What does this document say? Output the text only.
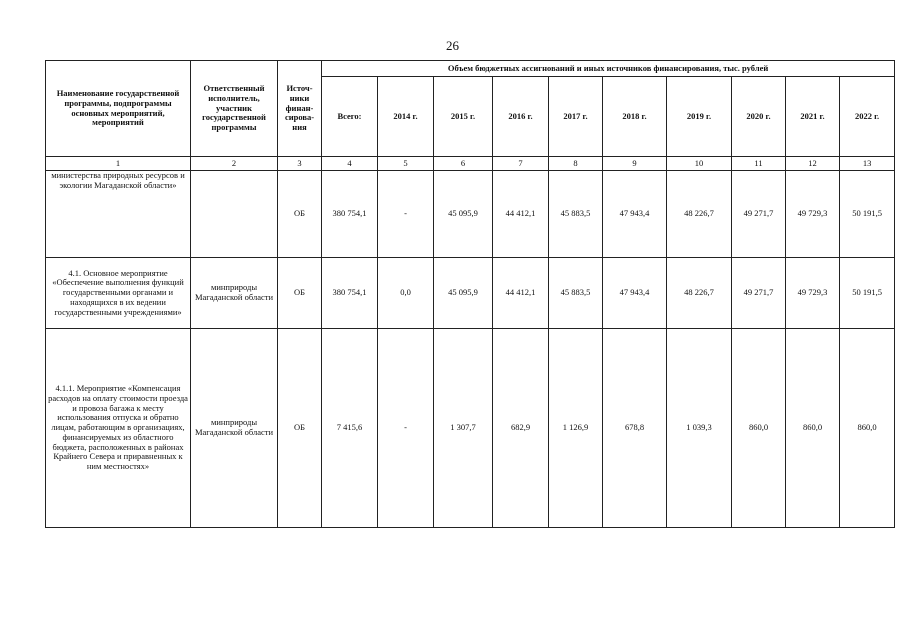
26
Наименование государственной программы, подпрограммы основных мероприятий, мероприятий	Ответственный исполнитель, участник государственной программы	Источ-ники финан-сирова-ния	Объем бюджетных ассигнований и иных источников финансирования, тыс. рублей									
			Всего:	2014 г.	2015 г.	2016 г.	2017 г.	2018 г.	2019 г.	2020 г.	2021 г.	2022 г.
1	2	3	4	5	6	7	8	9	10	11	12	13
министерства природных ресурсов и экологии Магаданской области»		ОБ	380 754,1	-	45 095,9	44 412,1	45 883,5	47 943,4	48 226,7	49 271,7	49 729,3	50 191,5
4.1. Основное мероприятие «Обеспечение выполнения функций государственными органами и находящихся в их ведении государственными учреждениями»	минприроды Магаданской области	ОБ	380 754,1	0,0	45 095,9	44 412,1	45 883,5	47 943,4	48 226,7	49 271,7	49 729,3	50 191,5
4.1.1. Мероприятие «Компенсация расходов на оплату стоимости проезда и провоза багажа к месту использования отпуска и обратно лицам, работающим в организациях, финансируемых из областного бюджета, расположенных в районах Крайнего Севера и приравненных к ним местностях»	минприроды Магаданской области	ОБ	7 415,6	-	1 307,7	682,9	1 126,9	678,8	1 039,3	860,0	860,0	860,0
